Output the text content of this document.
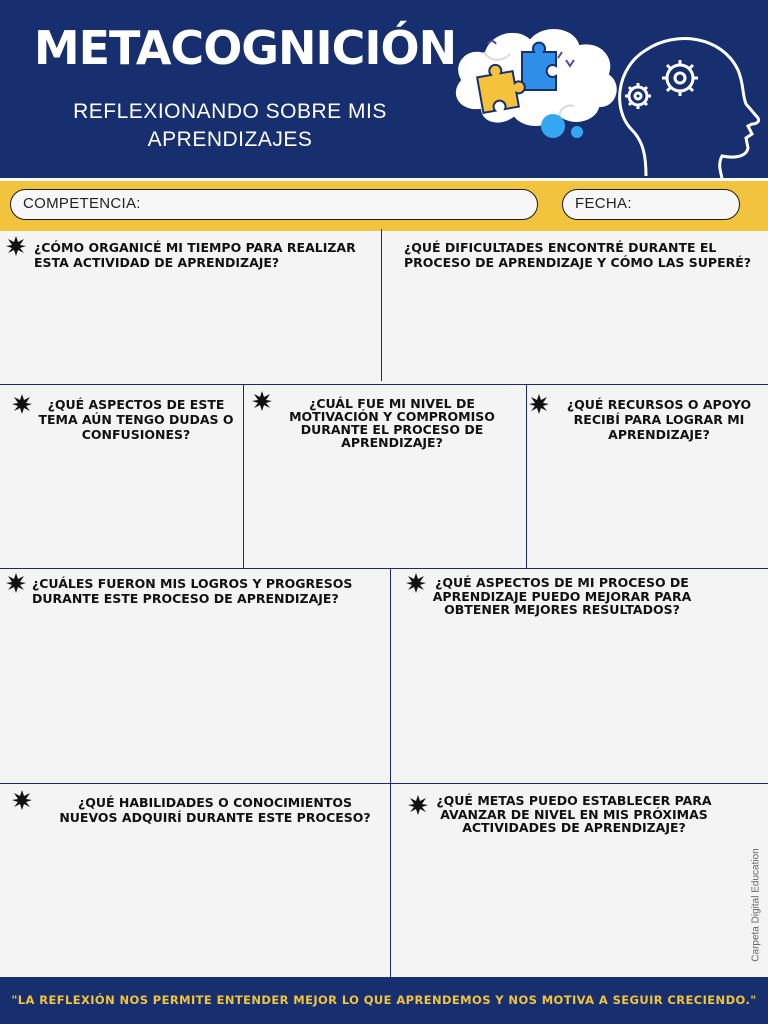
METACOGNICIÓN
REFLEXIONANDO SOBRE MIS APRENDIZAJES
COMPETENCIA:	FECHA:
¿CÓMO ORGANICÉ MI TIEMPO PARA REALIZAR ESTA ACTIVIDAD DE APRENDIZAJE?
¿QUÉ DIFICULTADES ENCONTRÉ DURANTE EL PROCESO DE APRENDIZAJE Y CÓMO LAS SUPERÉ?
¿QUÉ ASPECTOS DE ESTE TEMA AÚN TENGO DUDAS O CONFUSIONES?
¿CUÁL FUE MI NIVEL DE MOTIVACIÓN Y COMPROMISO DURANTE EL PROCESO DE APRENDIZAJE?
¿QUÉ RECURSOS O APOYO RECIBÍ PARA LOGRAR MI APRENDIZAJE?
¿CUÁLES FUERON MIS LOGROS Y PROGRESOS DURANTE ESTE PROCESO DE APRENDIZAJE?
¿QUÉ ASPECTOS DE MI PROCESO DE APRENDIZAJE PUEDO MEJORAR PARA OBTENER MEJORES RESULTADOS?
¿QUÉ HABILIDADES O CONOCIMIENTOS NUEVOS ADQUIRÍ DURANTE ESTE PROCESO?
¿QUÉ METAS PUEDO ESTABLECER PARA AVANZAR DE NIVEL EN MIS PRÓXIMAS ACTIVIDADES DE APRENDIZAJE?
Carpeta Digital Education
"LA REFLEXIÓN NOS PERMITE ENTENDER MEJOR LO QUE APRENDEMOS Y NOS MOTIVA A SEGUIR CRECIENDO."
